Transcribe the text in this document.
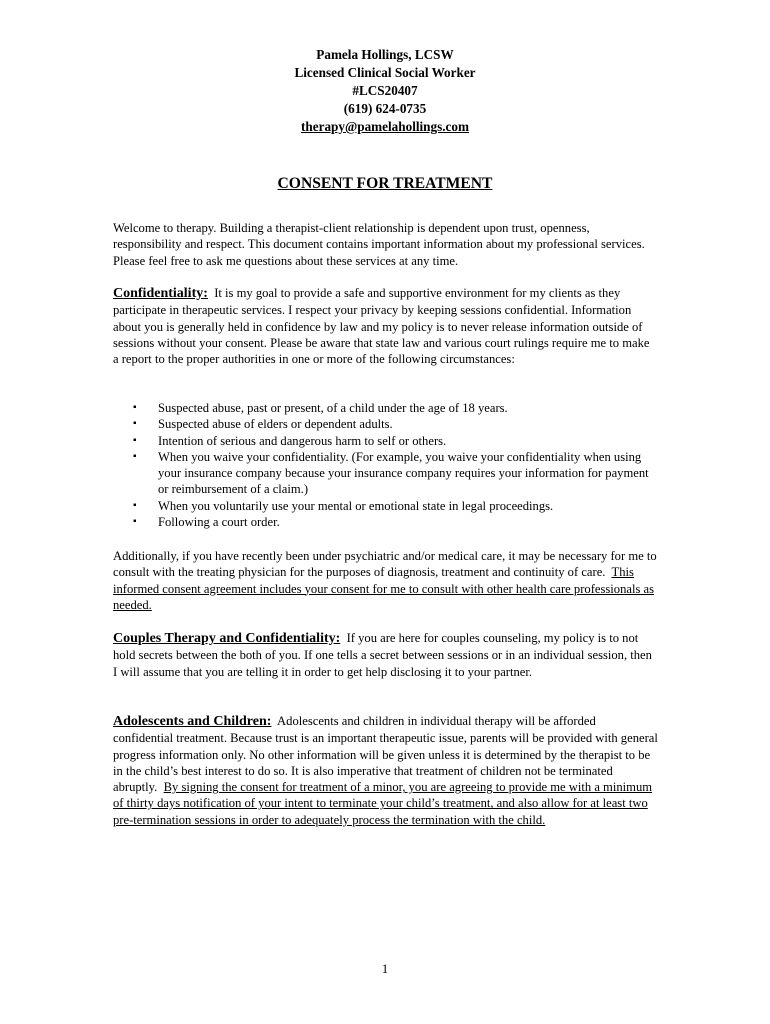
Pamela Hollings, LCSW
Licensed Clinical Social Worker
#LCS20407
(619) 624-0735
therapy@pamelahollings.com
CONSENT FOR TREATMENT

Welcome to therapy. Building a therapist-client relationship is dependent upon trust, openness, responsibility and respect. This document contains important information about my professional services. Please feel free to ask me questions about these services at any time.

Confidentiality: It is my goal to provide a safe and supportive environment for my clients as they participate in therapeutic services. I respect your privacy by keeping sessions confidential. Information about you is generally held in confidence by law and my policy is to never release information outside of sessions without your consent. Please be aware that state law and various court rulings require me to make a report to the proper authorities in one or more of the following circumstances:

▪ Suspected abuse, past or present, of a child under the age of 18 years.
▪ Suspected abuse of elders or dependent adults.
▪ Intention of serious and dangerous harm to self or others.
▪ When you waive your confidentiality. (For example, you waive your confidentiality when using your insurance company because your insurance company requires your information for payment or reimbursement of a claim.)
▪ When you voluntarily use your mental or emotional state in legal proceedings.
▪ Following a court order.

Additionally, if you have recently been under psychiatric and/or medical care, it may be necessary for me to consult with the treating physician for the purposes of diagnosis, treatment and continuity of care. This informed consent agreement includes your consent for me to consult with other health care professionals as needed.

Couples Therapy and Confidentiality: If you are here for couples counseling, my policy is to not hold secrets between the both of you. If one tells a secret between sessions or in an individual session, then I will assume that you are telling it in order to get help disclosing it to your partner.

Adolescents and Children: Adolescents and children in individual therapy will be afforded confidential treatment. Because trust is an important therapeutic issue, parents will be provided with general progress information only. No other information will be given unless it is determined by the therapist to be in the child’s best interest to do so. It is also imperative that treatment of children not be terminated abruptly. By signing the consent for treatment of a minor, you are agreeing to provide me with a minimum of thirty days notification of your intent to terminate your child’s treatment, and also allow for at least two pre-termination sessions in order to adequately process the termination with the child.

1
